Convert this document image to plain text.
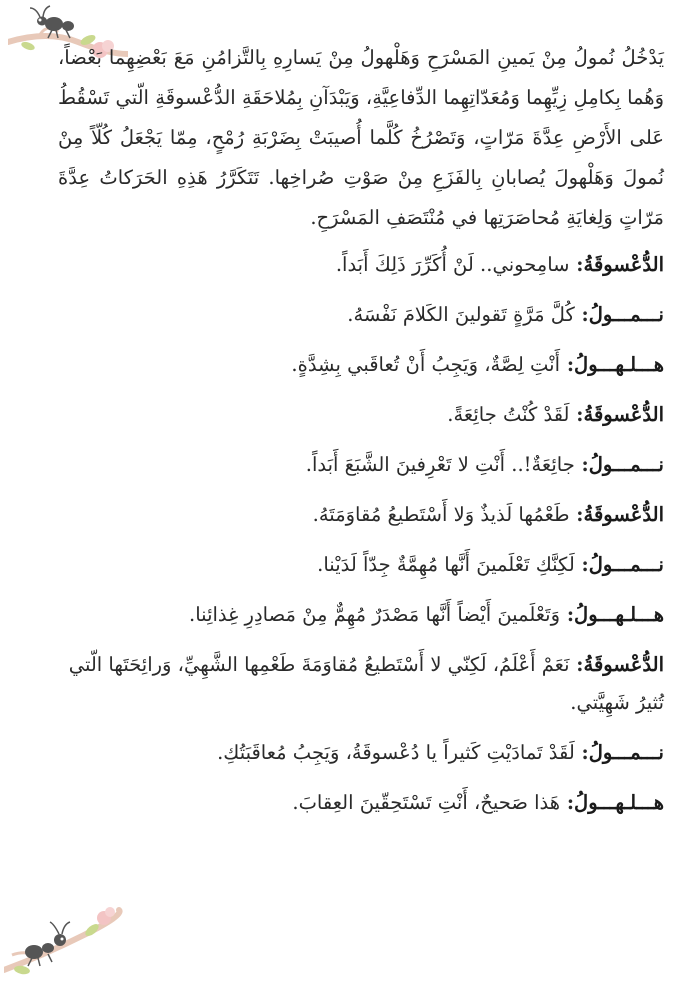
يَدْخُلُ نُمولُ مِنْ يَمينِ المَسْرَحِ وَهَلْهولُ مِنْ يَسارِهِ بِالتَّزامُنِ مَعَ بَعْضِهِما بَعْضاً، وَهُما بِكامِلِ زِيِّهِما وَمُعَدّاتِهِما الدِّفاعِيَّةِ، وَيَبْدَآنِ بِمُلاحَقَةِ الدُّعْسوقَةِ الّتي تَسْقُطُ عَلى الأَرْضِ عِدَّةَ مَرّاتٍ، وَتَصْرُخُ كُلَّما أُصيبَتْ بِضَرْبَةِ رُمْحٍ، مِمّا يَجْعَلُ كُلّاً مِنْ نُمولَ وَهَلْهولَ يُصابانِ بِالفَزَعِ مِنْ صَوْتِ صُراخِها. تَتَكَرَّرُ هَذِهِ الحَرَكاتُ عِدَّةَ مَرّاتٍ وَلِغايَةِ مُحاصَرَتِها في مُنْتَصَفِ المَسْرَحِ.

الدُّعْسوقَةُ: سامِحوني.. لَنْ أُكَرِّرَ ذَلِكَ أَبَداً.
نـــمـــولُ: كُلَّ مَرَّةٍ تَقولينَ الكَلامَ نَفْسَهُ.
هـــلـهـــولُ: أَنْتِ لِصَّةٌ، وَيَجِبُ أَنْ تُعاقَبي بِشِدَّةٍ.
الدُّعْسوقَةُ: لَقَدْ كُنْتُ جائِعَةً.
نـــمـــولُ: جائِعَةٌ!.. أَنْتِ لا تَعْرِفينَ الشَّبَعَ أَبَداً.
الدُّعْسوقَةُ: طَعْمُها لَذيذٌ وَلا أَسْتَطيعُ مُقاوَمَتَهُ.
نـــمـــولُ: لَكِنَّكِ تَعْلَمينَ أَنَّها مُهِمَّةٌ جِدّاً لَدَيْنا.
هـــلـهـــولُ: وَتَعْلَمينَ أَيْضاً أَنَّها مَصْدَرٌ مُهِمٌّ مِنْ مَصادِرِ غِذائِنا.
الدُّعْسوقَةُ: نَعَمْ أَعْلَمُ، لَكِنّي لا أَسْتَطيعُ مُقاوَمَةَ طَعْمِها الشَّهِيِّ، وَرائِحَتَها الّتي تُثيرُ شَهِيَّتي.
نـــمـــولُ: لَقَدْ تَمادَيْتِ كَثيراً يا دُعْسوقَةُ، وَيَجِبُ مُعاقَبَتُكِ.
هـــلـهـــولُ: هَذا صَحيحٌ، أَنْتِ تَسْتَحِقّينَ العِقابَ.
